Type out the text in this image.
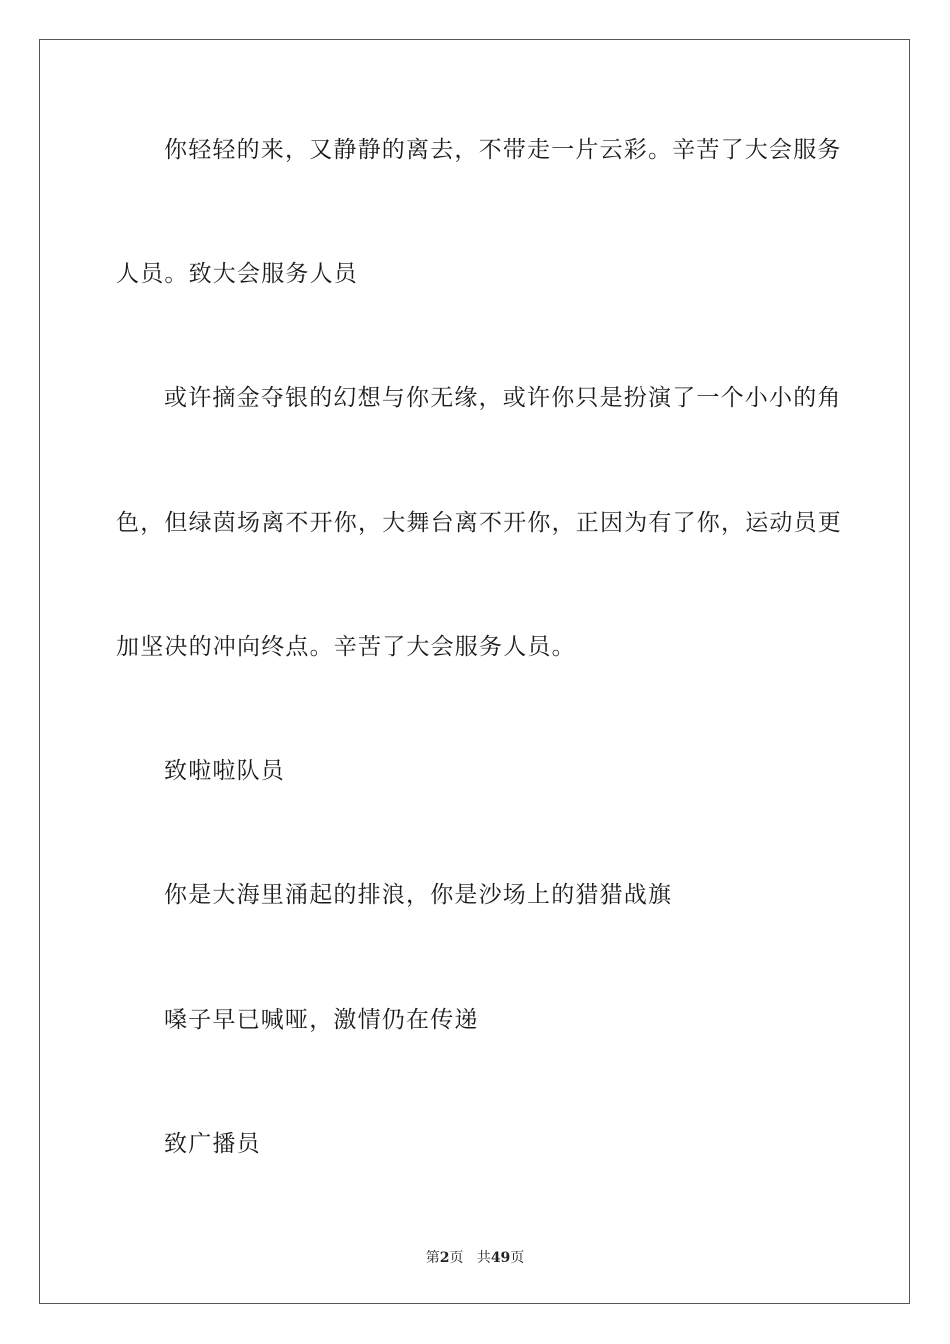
你轻轻的来，又静静的离去，不带走一片云彩。辛苦了大会服务
人员。致大会服务人员
或许摘金夺银的幻想与你无缘，或许你只是扮演了一个小小的角
色，但绿茵场离不开你，大舞台离不开你，正因为有了你，运动员更
加坚决的冲向终点。辛苦了大会服务人员。
致啦啦队员
你是大海里涌起的排浪，你是沙场上的猎猎战旗
嗓子早已喊哑，激情仍在传递
致广播员
第2页 共49页
